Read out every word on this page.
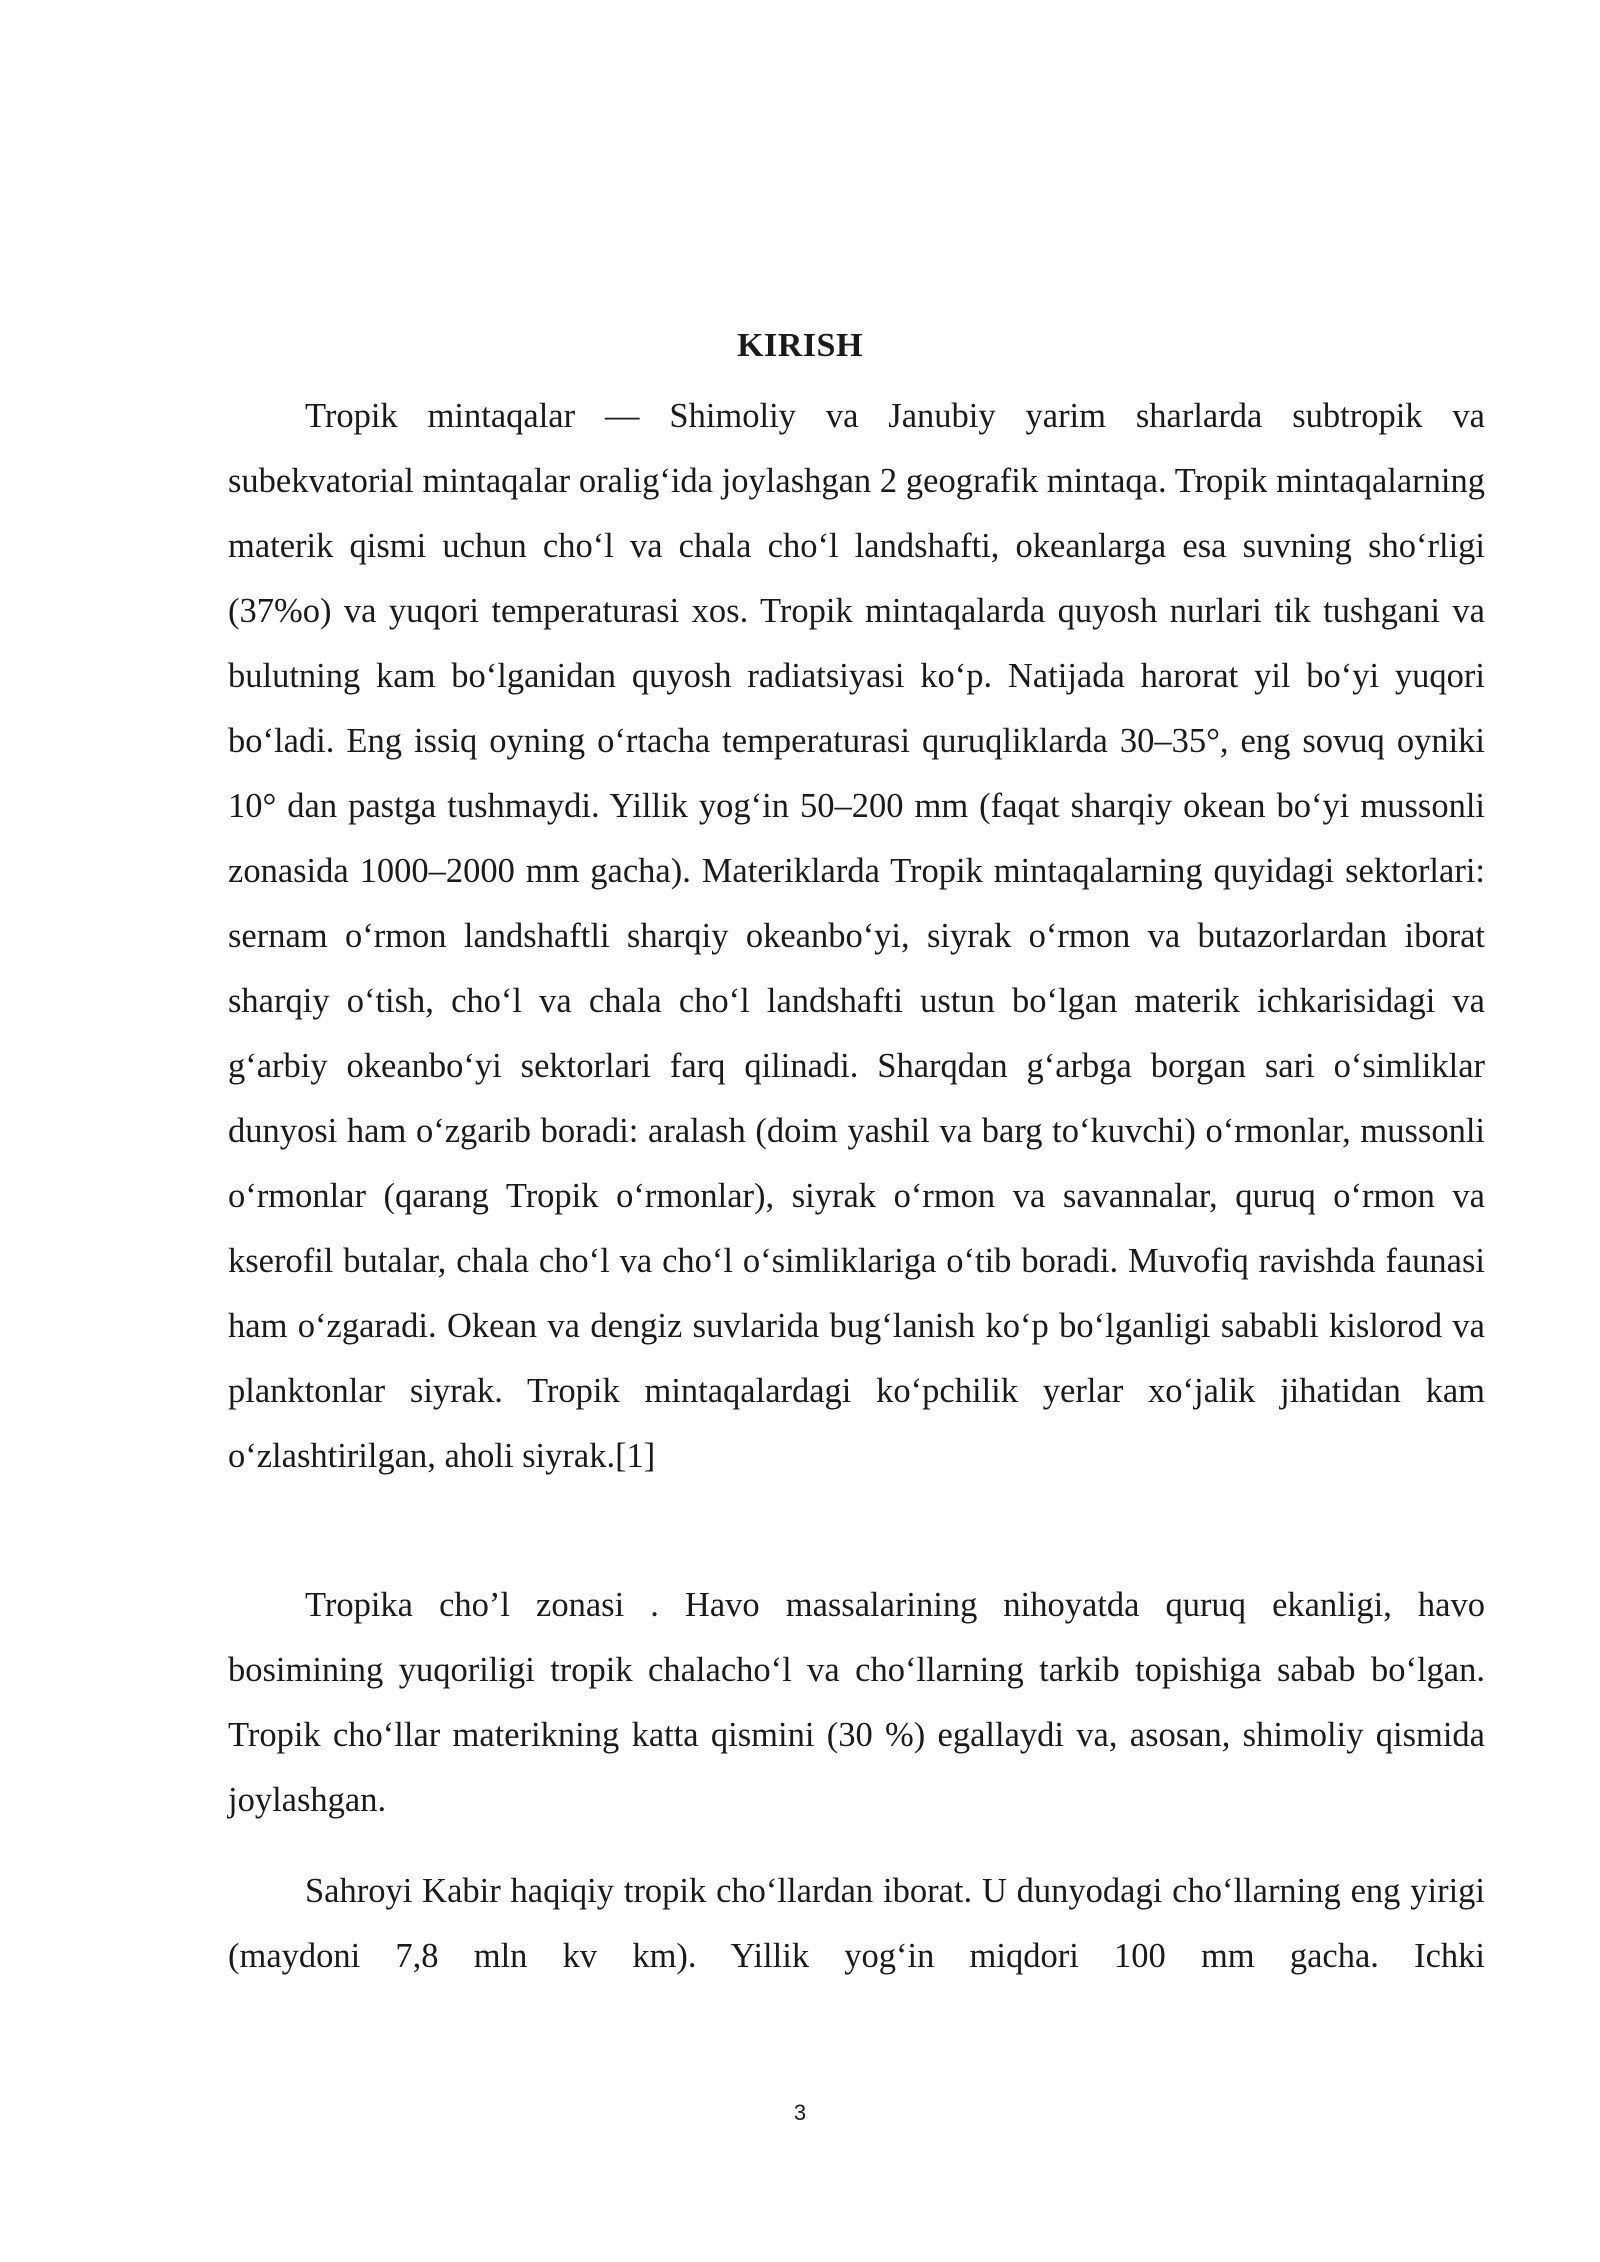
KIRISH

Tropik mintaqalar — Shimoliy va Janubiy yarim sharlarda subtropik va subekvatorial mintaqalar oralig‘ida joylashgan 2 geografik mintaqa. Tropik mintaqalarning materik qismi uchun cho‘l va chala cho‘l landshafti, okeanlarga esa suvning sho‘rligi (37%o) va yuqori temperaturasi xos. Tropik mintaqalarda quyosh nurlari tik tushgani va bulutning kam bo‘lganidan quyosh radiatsiyasi ko‘p. Natijada harorat yil bo‘yi yuqori bo‘ladi. Eng issiq oyning o‘rtacha temperaturasi quruqliklarda 30–35°, eng sovuq oyniki 10° dan pastga tushmaydi. Yillik yog‘in 50–200 mm (faqat sharqiy okean bo‘yi mussonli zonasida 1000–2000 mm gacha). Materiklarda Tropik mintaqalarning quyidagi sektorlari: sernam o‘rmon landshaftli sharqiy okeanbo‘yi, siyrak o‘rmon va butazorlardan iborat sharqiy o‘tish, cho‘l va chala cho‘l landshafti ustun bo‘lgan materik ichkarisidagi va g‘arbiy okeanbo‘yi sektorlari farq qilinadi. Sharqdan g‘arbga borgan sari o‘simliklar dunyosi ham o‘zgarib boradi: aralash (doim yashil va barg to‘kuvchi) o‘rmonlar, mussonli o‘rmonlar (qarang Tropik o‘rmonlar), siyrak o‘rmon va savannalar, quruq o‘rmon va kserofil butalar, chala cho‘l va cho‘l o‘simliklariga o‘tib boradi. Muvofiq ravishda faunasi ham o‘zgaradi. Okean va dengiz suvlarida bug‘lanish ko‘p bo‘lganligi sababli kislorod va planktonlar siyrak. Tropik mintaqalardagi ko‘pchilik yerlar xo‘jalik jihatidan kam o‘zlashtirilgan, aholi siyrak.[1]

Tropika cho’l zonasi . Havo massalarining nihoyatda quruq ekanligi, havo bosimining yuqoriligi tropik chalacho‘l va cho‘llarning tarkib topishiga sabab bo‘lgan. Tropik cho‘llar materikning katta qismini (30 %) egallaydi va, asosan, shimoliy qismida joylashgan.

Sahroyi Kabir haqiqiy tropik cho‘llardan iborat. U dunyodagi cho‘llarning eng yirigi (maydoni 7,8 mln kv km). Yillik yog‘in miqdori 100 mm gacha. Ichki

3
